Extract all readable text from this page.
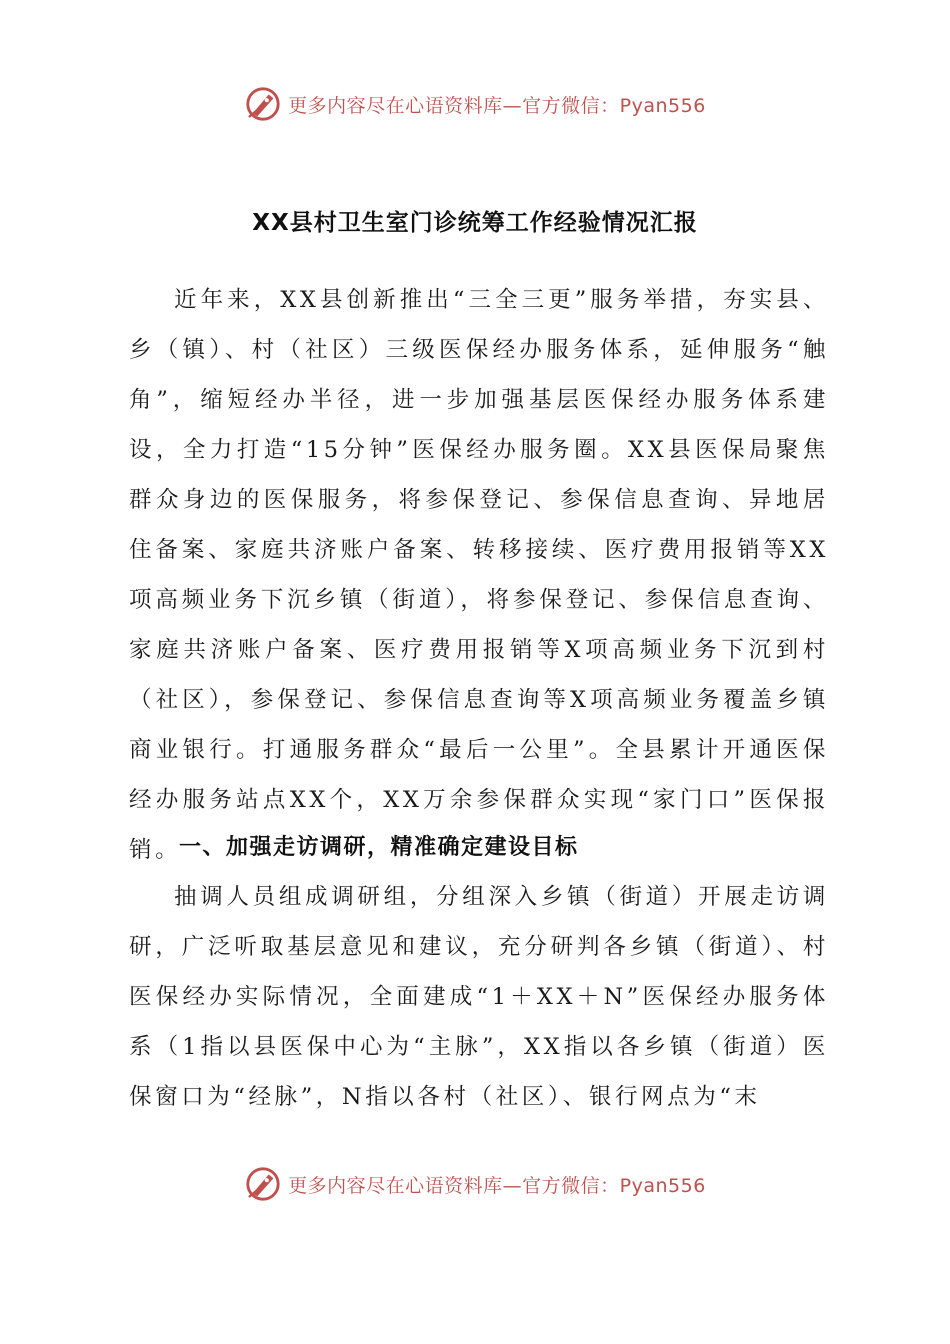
更多内容尽在心语资料库—官方微信：Pyan556
XX县村卫生室门诊统筹工作经验情况汇报

近年来，XX县创新推出“三全三更”服务举措，夯实县、乡（镇）、村（社区）三级医保经办服务体系，延伸服务“触角”，缩短经办半径，进一步加强基层医保经办服务体系建设，全力打造“15分钟”医保经办服务圈。XX县医保局聚焦群众身边的医保服务，将参保登记、参保信息查询、异地居住备案、家庭共济账户备案、转移接续、医疗费用报销等XX项高频业务下沉乡镇（街道），将参保登记、参保信息查询、家庭共济账户备案、医疗费用报销等X项高频业务下沉到村（社区），参保登记、参保信息查询等X项高频业务覆盖乡镇商业银行。打通服务群众“最后一公里”。全县累计开通医保经办服务站点XX个，XX万余参保群众实现“家门口”医保报销。

一、加强走访调研，精准确定建设目标

抽调人员组成调研组，分组深入乡镇（街道）开展走访调研，广泛听取基层意见和建议，充分研判各乡镇（街道）、村医保经办实际情况，全面建成“1＋XX＋N”医保经办服务体系（1指以县医保中心为“主脉”，XX指以各乡镇（街道）医保窗口为“经脉”，N指以各村（社区）、银行网点为“末

更多内容尽在心语资料库—官方微信：Pyan556
